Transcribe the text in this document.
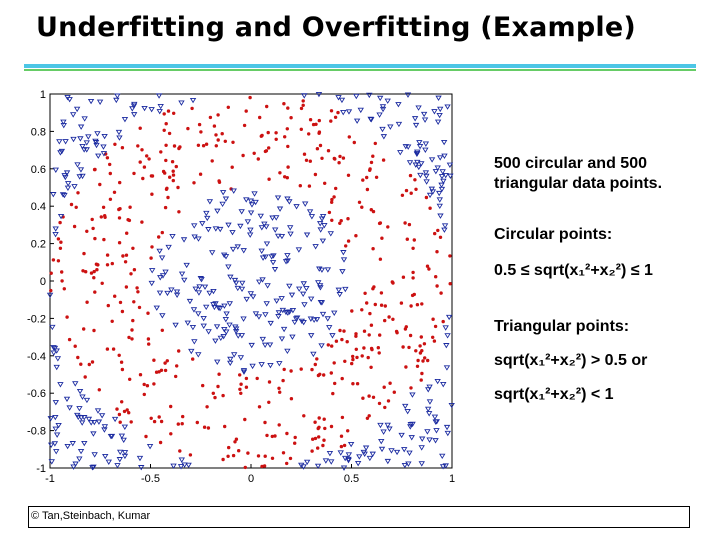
Underfitting and Overfitting (Example)
-1	-0.5	0	0.5	1
1
0.8
0.6
0.4
0.2
0
-0.2
-0.4
-0.6
-0.8
-1

500 circular and 500 triangular data points.

Circular points:

0.5 ≤ sqrt(x₁²+x₂²) ≤ 1

Triangular points:

sqrt(x₁²+x₂²) > 0.5 or

sqrt(x₁²+x₂²) < 1

© Tan,Steinbach, Kumar
